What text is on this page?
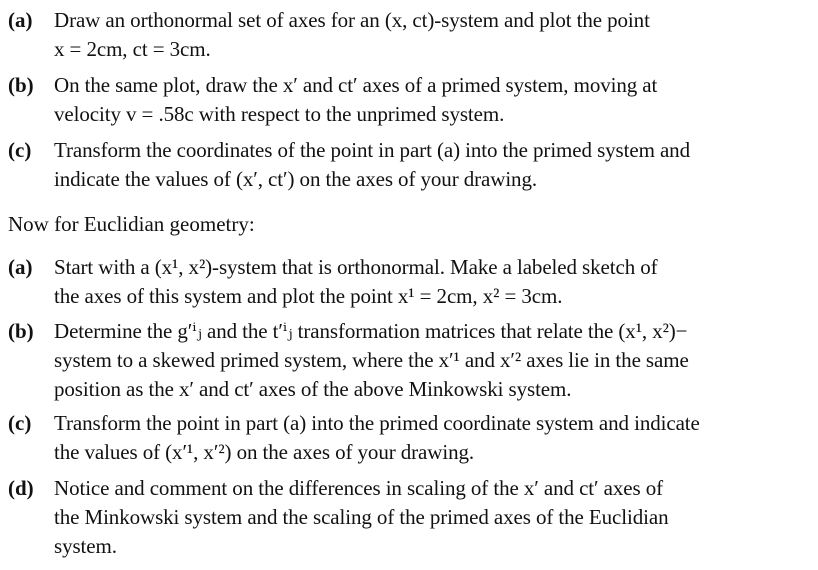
(a) Draw an orthonormal set of axes for an (x, ct)-system and plot the point
x = 2cm, ct = 3cm.
(b) On the same plot, draw the x′ and ct′ axes of a primed system, moving at
velocity v = .58c with respect to the unprimed system.
(c) Transform the coordinates of the point in part (a) into the primed system and
indicate the values of (x′, ct′) on the axes of your drawing.
Now for Euclidian geometry:
(a) Start with a (x¹, x²)-system that is orthonormal. Make a labeled sketch of
the axes of this system and plot the point x¹ = 2cm, x² = 3cm.
(b) Determine the g′ⁱⱼ and the t′ⁱⱼ transformation matrices that relate the (x¹, x²)−
system to a skewed primed system, where the x′¹ and x′² axes lie in the same
position as the x′ and ct′ axes of the above Minkowski system.
(c) Transform the point in part (a) into the primed coordinate system and indicate
the values of (x′¹, x′²) on the axes of your drawing.
(d) Notice and comment on the differences in scaling of the x′ and ct′ axes of
the Minkowski system and the scaling of the primed axes of the Euclidian
system.
